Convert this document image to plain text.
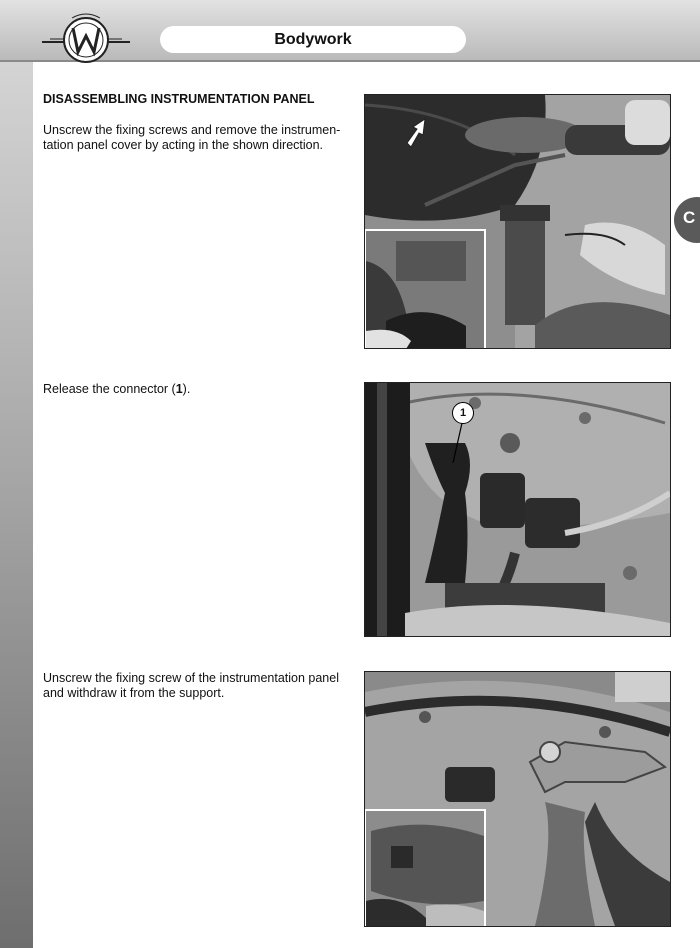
Bodywork
C
DISASSEMBLING INSTRUMENTATION PANEL
Unscrew the fixing screws and remove the instrumen-
tation panel cover by acting in the shown direction.
Release the connector (1).
Unscrew the fixing screw of the instrumentation panel
and withdraw it from the support.
1
